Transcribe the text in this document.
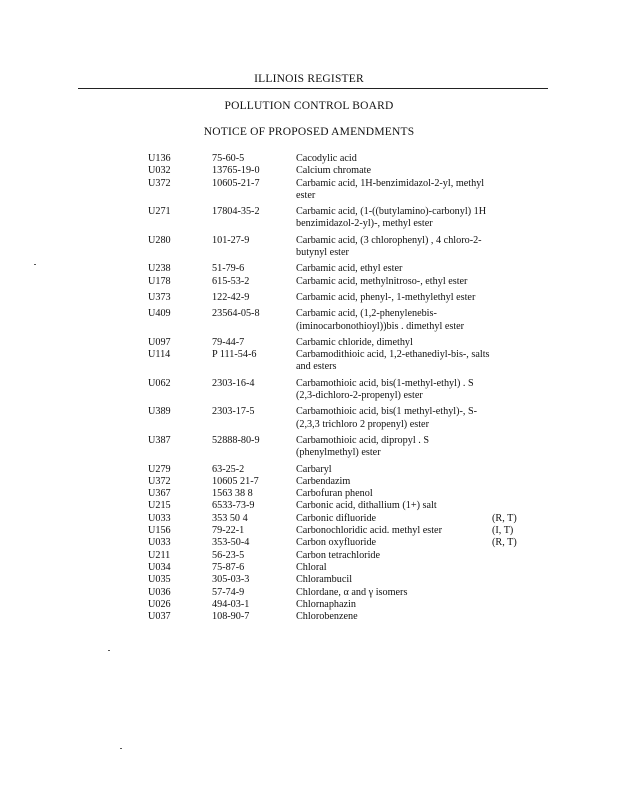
ILLINOIS REGISTER
POLLUTION CONTROL BOARD
NOTICE OF PROPOSED AMENDMENTS
U136	75-60-5	Cacodylic acid
U032	13765-19-0	Calcium chromate
U372	10605-21-7	Carbamic acid, 1H-benzimidazol-2-yl, methyl ester
U271	17804-35-2	Carbamic acid, (1-((butylamino)-carbonyl) 1H benzimidazol-2-yl)-, methyl ester
U280	101-27-9	Carbamic acid, (3 chlorophenyl) , 4 chloro-2-butynyl ester
U238	51-79-6	Carbamic acid, ethyl ester
U178	615-53-2	Carbamic acid, methylnitroso-, ethyl ester
U373	122-42-9	Carbamic acid, phenyl-, 1-methylethyl ester
U409	23564-05-8	Carbamic acid, (1,2-phenylenebis-(iminocarbonothioyl))bis . dimethyl ester
U097	79-44-7	Carbamic chloride, dimethyl
U114	P 111-54-6	Carbamodithioic acid, 1,2-ethanediyl-bis-, salts and esters
U062	2303-16-4	Carbamothioic acid, bis(1-methyl-ethyl) . S (2,3-dichloro-2-propenyl) ester
U389	2303-17-5	Carbamothioic acid, bis(1 methyl-ethyl)-, S-(2,3,3 trichloro 2 propenyl) ester
U387	52888-80-9	Carbamothioic acid, dipropyl . S (phenylmethyl) ester
U279	63-25-2	Carbaryl
U372	10605 21-7	Carbendazim
U367	1563 38 8	Carbofuran phenol
U215	6533-73-9	Carbonic acid, dithallium (1+) salt
U033	353 50 4	Carbonic difluoride	(R, T)
U156	79-22-1	Carbonochloridic acid. methyl ester	(I, T)
U033	353-50-4	Carbon oxyfluoride	(R, T)
U211	56-23-5	Carbon tetrachloride
U034	75-87-6	Chloral
U035	305-03-3	Chlorambucil
U036	57-74-9	Chlordane, α and γ isomers
U026	494-03-1	Chlornaphazin
U037	108-90-7	Chlorobenzene
